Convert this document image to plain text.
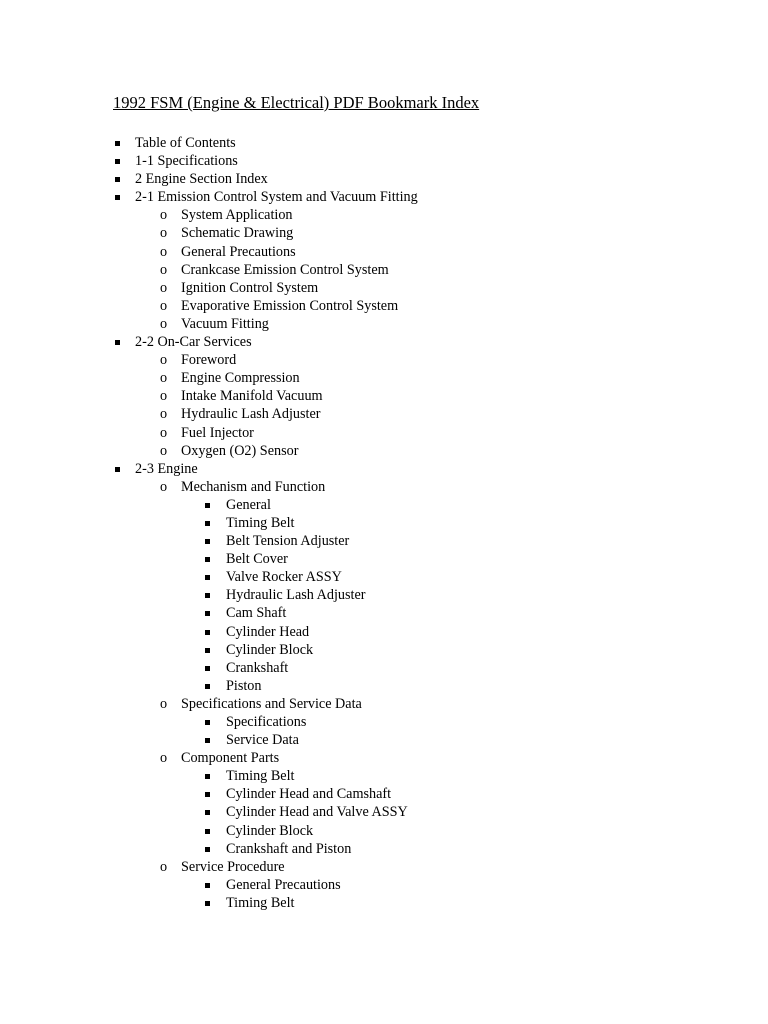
1992 FSM (Engine & Electrical) PDF Bookmark Index
Table of Contents
1-1 Specifications
2 Engine Section Index
2-1 Emission Control System and Vacuum Fitting
o System Application
o Schematic Drawing
o General Precautions
o Crankcase Emission Control System
o Ignition Control System
o Evaporative Emission Control System
o Vacuum Fitting
2-2 On-Car Services
o Foreword
o Engine Compression
o Intake Manifold Vacuum
o Hydraulic Lash Adjuster
o Fuel Injector
o Oxygen (O2) Sensor
2-3 Engine
o Mechanism and Function
General
Timing Belt
Belt Tension Adjuster
Belt Cover
Valve Rocker ASSY
Hydraulic Lash Adjuster
Cam Shaft
Cylinder Head
Cylinder Block
Crankshaft
Piston
o Specifications and Service Data
Specifications
Service Data
o Component Parts
Timing Belt
Cylinder Head and Camshaft
Cylinder Head and Valve ASSY
Cylinder Block
Crankshaft and Piston
o Service Procedure
General Precautions
Timing Belt
